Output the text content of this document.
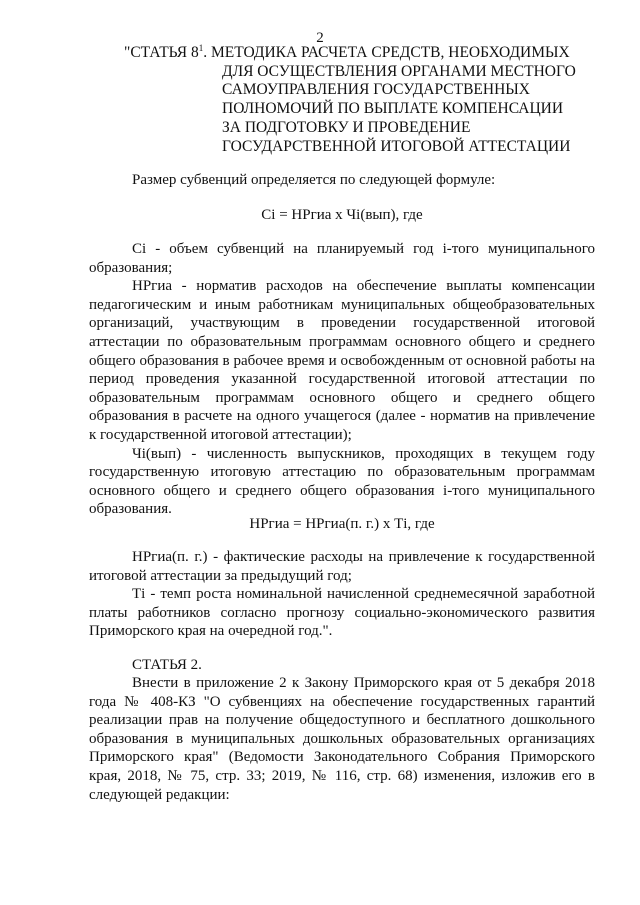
2
"СТАТЬЯ $8^1$. МЕТОДИКА РАСЧЕТА СРЕДСТВ, НЕОБХОДИМЫХ ДЛЯ ОСУЩЕСТВЛЕНИЯ ОРГАНАМИ МЕСТНОГО САМОУПРАВЛЕНИЯ ГОСУДАРСТВЕННЫХ ПОЛНОМОЧИЙ ПО ВЫПЛАТЕ КОМПЕНСАЦИИ ЗА ПОДГОТОВКУ И ПРОВЕДЕНИЕ ГОСУДАРСТВЕННОЙ ИТОГОВОЙ АТТЕСТАЦИИ

Размер субвенций определяется по следующей формуле:

Ci = НРгиа x Чi(вып), где

Ci - объем субвенций на планируемый год i-того муниципального образования;

НРгиа - норматив расходов на обеспечение выплаты компенсации педагогическим и иным работникам муниципальных общеобразовательных организаций, участвующим в проведении государственной итоговой аттестации по образовательным программам основного общего и среднего общего образования в рабочее время и освобожденным от основной работы на период проведения указанной государственной итоговой аттестации по образовательным программам основного общего и среднего общего образования в расчете на одного учащегося (далее - норматив на привлечение к государственной итоговой аттестации);

Чi(вып) - численность выпускников, проходящих в текущем году государственную итоговую аттестацию по образовательным программам основного общего и среднего общего образования i-того муниципального образования.

НРгиа = НРгиа(п. г.) x Тi, где

НРгиа(п. г.) - фактические расходы на привлечение к государственной итоговой аттестации за предыдущий год;

Тi - темп роста номинальной начисленной среднемесячной заработной платы работников согласно прогнозу социально-экономического развития Приморского края на очередной год.".

СТАТЬЯ 2.

Внести в приложение 2 к Закону Приморского края от 5 декабря 2018 года № 408-КЗ "О субвенциях на обеспечение государственных гарантий реализации прав на получение общедоступного и бесплатного дошкольного образования в муниципальных дошкольных образовательных организациях Приморского края" (Ведомости Законодательного Собрания Приморского края, 2018, № 75, стр. 33; 2019, № 116, стр. 68) изменения, изложив его в следующей редакции:
